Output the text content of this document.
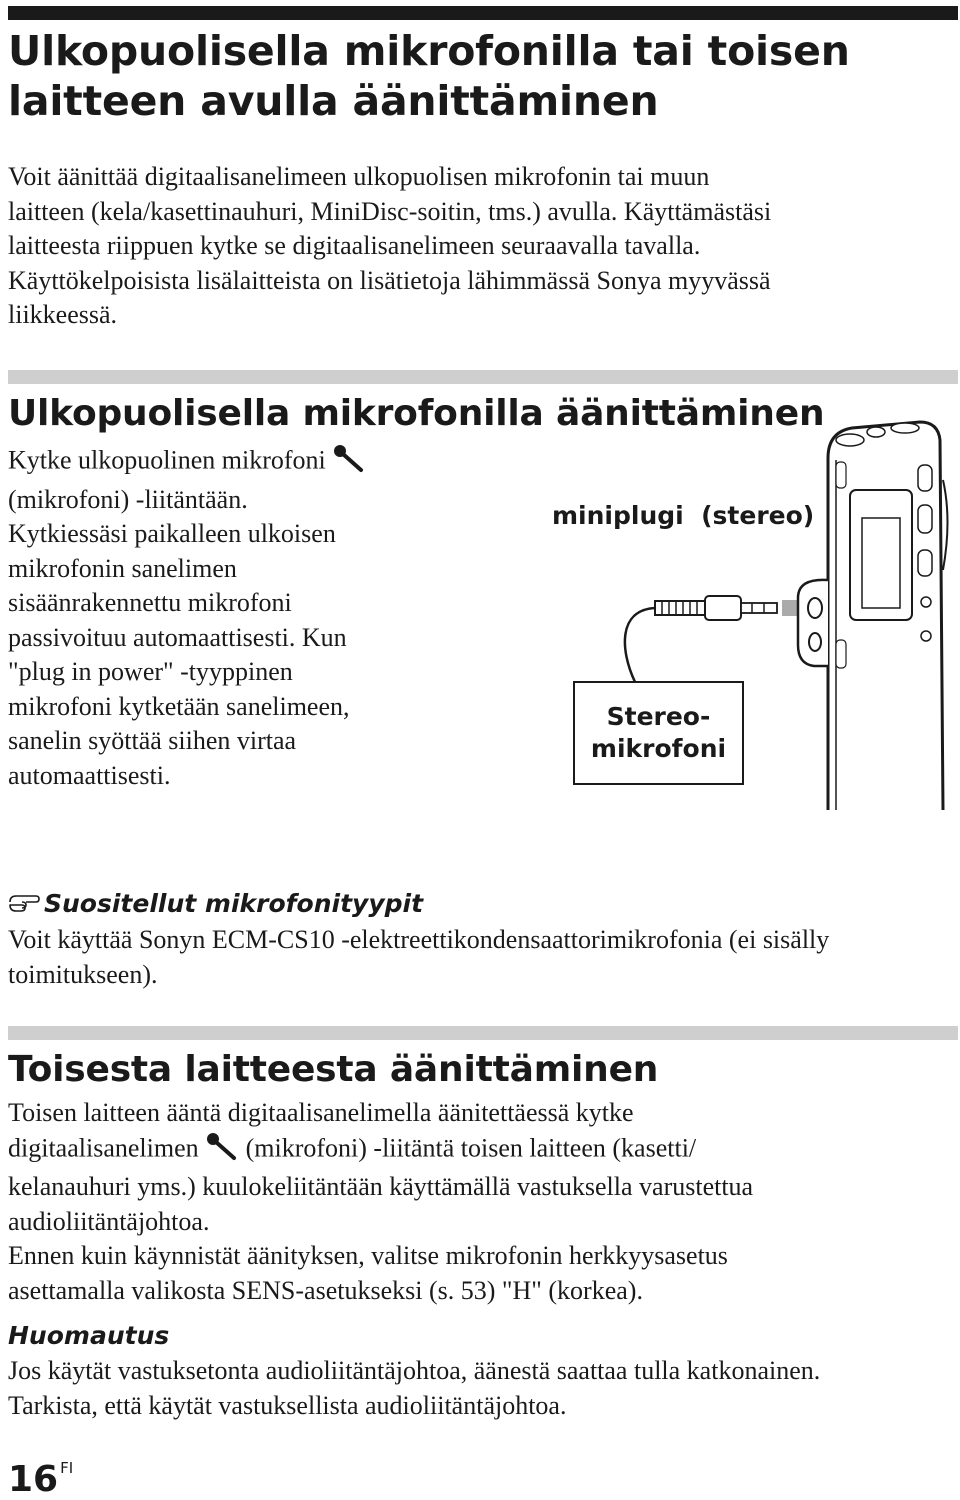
Ulkopuolisella mikrofonilla tai toisen
laitteen avulla äänittäminen

Voit äänittää digitaalisanelimeen ulkopuolisen mikrofonin tai muun
laitteen (kela/kasettinauhuri, MiniDisc-soitin, tms.) avulla. Käyttämästäsi
laitteesta riippuen kytke se digitaalisanelimeen seuraavalla tavalla.
Käyttökelpoisista lisälaitteista on lisätietoja lähimmässä Sonya myyvässä
liikkeessä.

Ulkopuolisella mikrofonilla äänittäminen

Kytke ulkopuolinen mikrofoni
(mikrofoni) -liitäntään.
Kytkiessäsi paikalleen ulkoisen
mikrofonin sanelimen
sisäänrakennettu mikrofoni
passivoituu automaattisesti. Kun
"plug in power" -tyyppinen
mikrofoni kytketään sanelimeen,
sanelin syöttää siihen virtaa
automaattisesti.

miniplugi  (stereo)
Stereo-
mikrofoni
Suositellut mikrofonityypit

Voit käyttää Sonyn ECM-CS10 -elektreettikondensaattorimikrofonia (ei sisälly
toimitukseen).

Toisesta laitteesta äänittäminen

Toisen laitteen ääntä digitaalisanelimella äänitettäessä kytke
digitaalisanelimen (mikrofoni) -liitäntä toisen laitteen (kasetti/
kelanauhuri yms.) kuulokeliitäntään käyttämällä vastuksella varustettua
audioliitäntäjohtoa.
Ennen kuin käynnistät äänityksen, valitse mikrofonin herkkyysasetus
asettamalla valikosta SENS-asetukseksi (s. 53) "H" (korkea).

Huomautus

Jos käytät vastuksetonta audioliitäntäjohtoa, äänestä saattaa tulla katkonainen.
Tarkista, että käytät vastuksellista audioliitäntäjohtoa.

16 $^{FI}$
